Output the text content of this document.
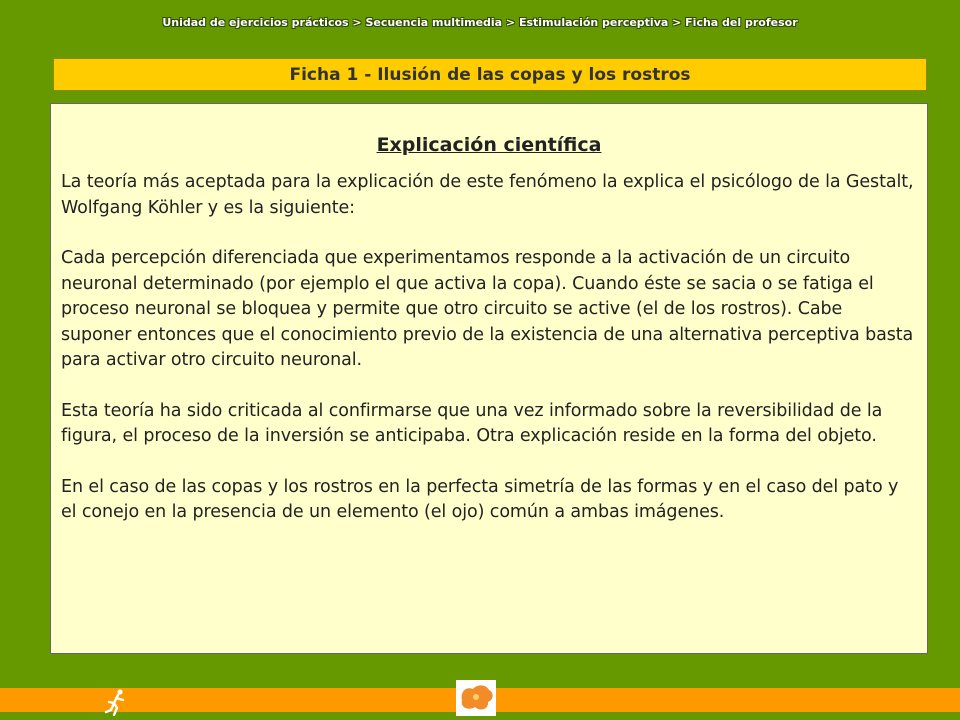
Unidad de ejercicios prácticos > Secuencia multimedia > Estimulación perceptiva > Ficha del profesor
Ficha 1 - Ilusión de las copas y los rostros
Explicación científica

La teoría más aceptada para la explicación de este fenómeno la explica el psicólogo de la Gestalt, Wolfgang Köhler y es la siguiente:

Cada percepción diferenciada que experimentamos responde a la activación de un circuito neuronal determinado (por ejemplo el que activa la copa). Cuando éste se sacia o se fatiga el proceso neuronal se bloquea y permite que otro circuito se active (el de los rostros). Cabe suponer entonces que el conocimiento previo de la existencia de una alternativa perceptiva basta para activar otro circuito neuronal.

Esta teoría ha sido criticada al confirmarse que una vez informado sobre la reversibilidad de la figura, el proceso de la inversión se anticipaba. Otra explicación reside en la forma del objeto.

En el caso de las copas y los rostros en la perfecta simetría de las formas y en el caso del pato y el conejo en la presencia de un elemento (el ojo) común a ambas imágenes.
